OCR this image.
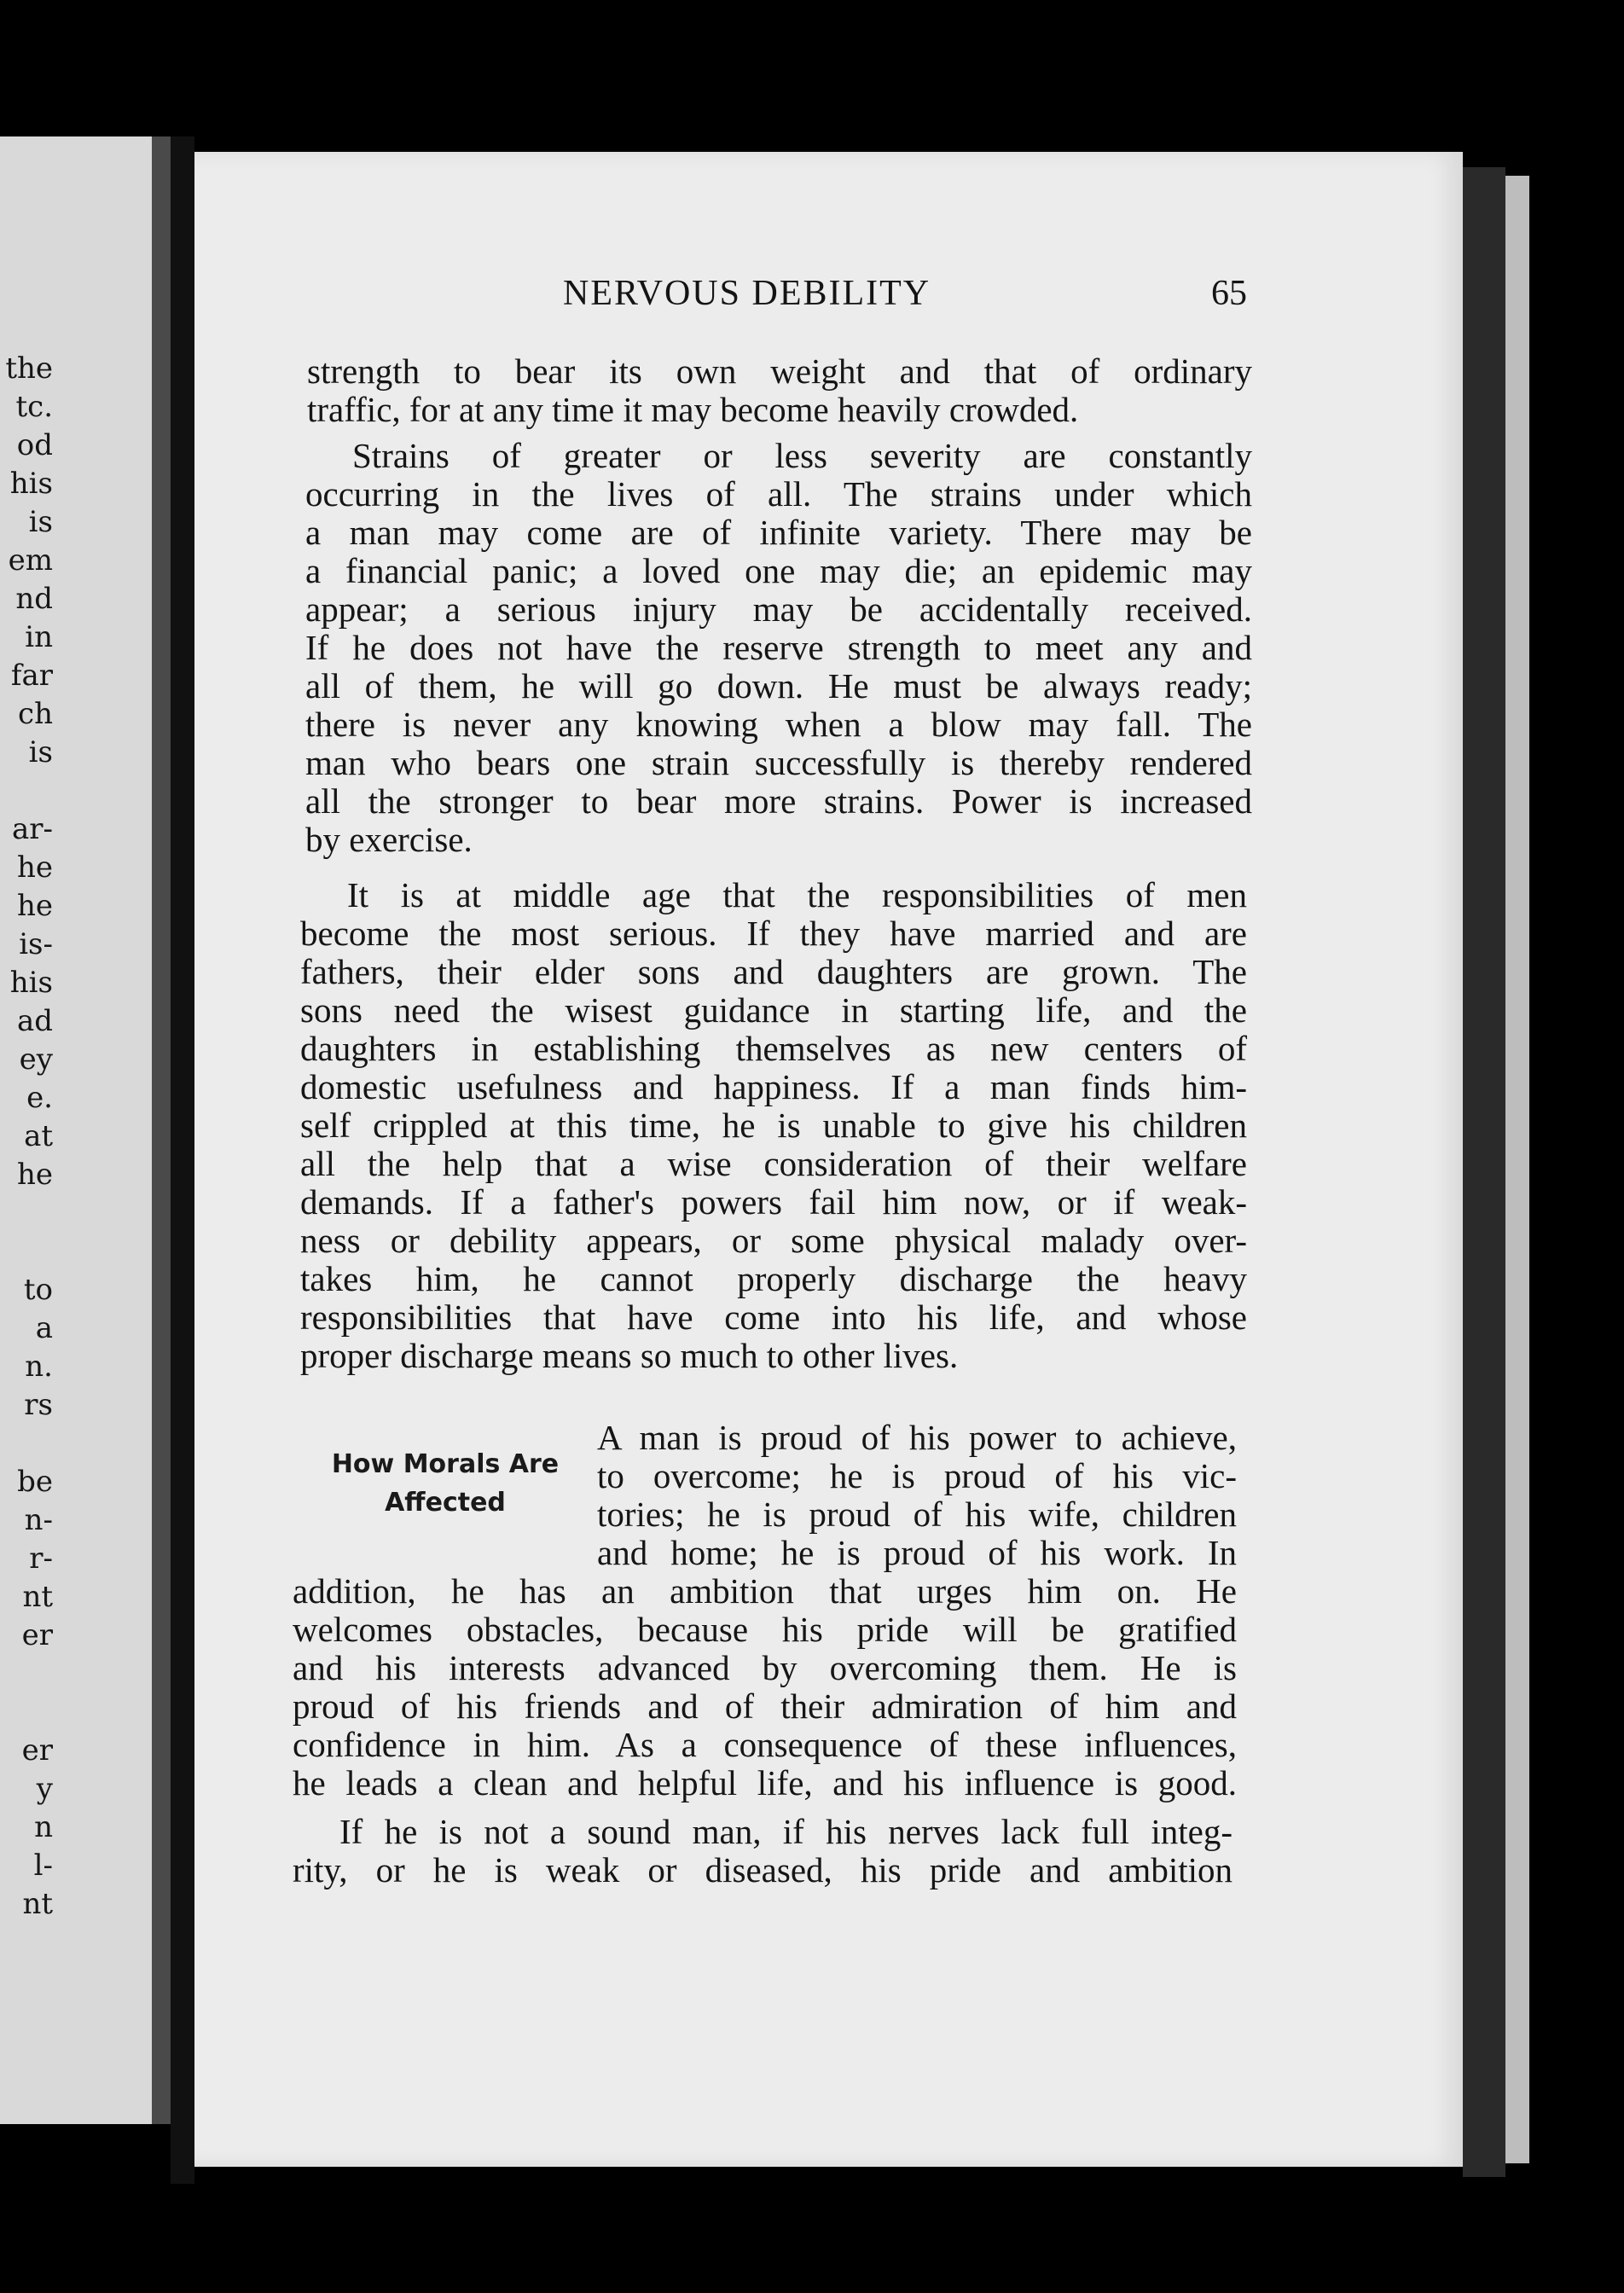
the
tc.
od
his
is
em
nd
in
far
ch
is
ar-
he
he
is-
his
ad
ey
e.
at
he
to
a
n.
rs
be
n-
r-
nt
er
er
y
n
l-
nt
NERVOUS DEBILITY	65
strength to bear its own weight and that of ordinary
traffic, for at any time it may become heavily crowded.
Strains of greater or less severity are constantly
occurring in the lives of all. The strains under which
a man may come are of infinite variety. There may be
a financial panic; a loved one may die; an epidemic may
appear; a serious injury may be accidentally received.
If he does not have the reserve strength to meet any and
all of them, he will go down. He must be always ready;
there is never any knowing when a blow may fall. The
man who bears one strain successfully is thereby rendered
all the stronger to bear more strains. Power is increased
by exercise.
It is at middle age that the responsibilities of men
become the most serious. If they have married and are
fathers, their elder sons and daughters are grown. The
sons need the wisest guidance in starting life, and the
daughters in establishing themselves as new centers of
domestic usefulness and happiness. If a man finds him-
self crippled at this time, he is unable to give his children
all the help that a wise consideration of their welfare
demands. If a father's powers fail him now, or if weak-
ness or debility appears, or some physical malady over-
takes him, he cannot properly discharge the heavy
responsibilities that have come into his life, and whose
proper discharge means so much to other lives.
How Morals Are
Affected
A man is proud of his power to achieve,
to overcome; he is proud of his vic-
tories; he is proud of his wife, children
and home; he is proud of his work. In
addition, he has an ambition that urges him on. He
welcomes obstacles, because his pride will be gratified
and his interests advanced by overcoming them. He is
proud of his friends and of their admiration of him and
confidence in him. As a consequence of these influences,
he leads a clean and helpful life, and his influence is good.
If he is not a sound man, if his nerves lack full integ-
rity, or he is weak or diseased, his pride and ambition
